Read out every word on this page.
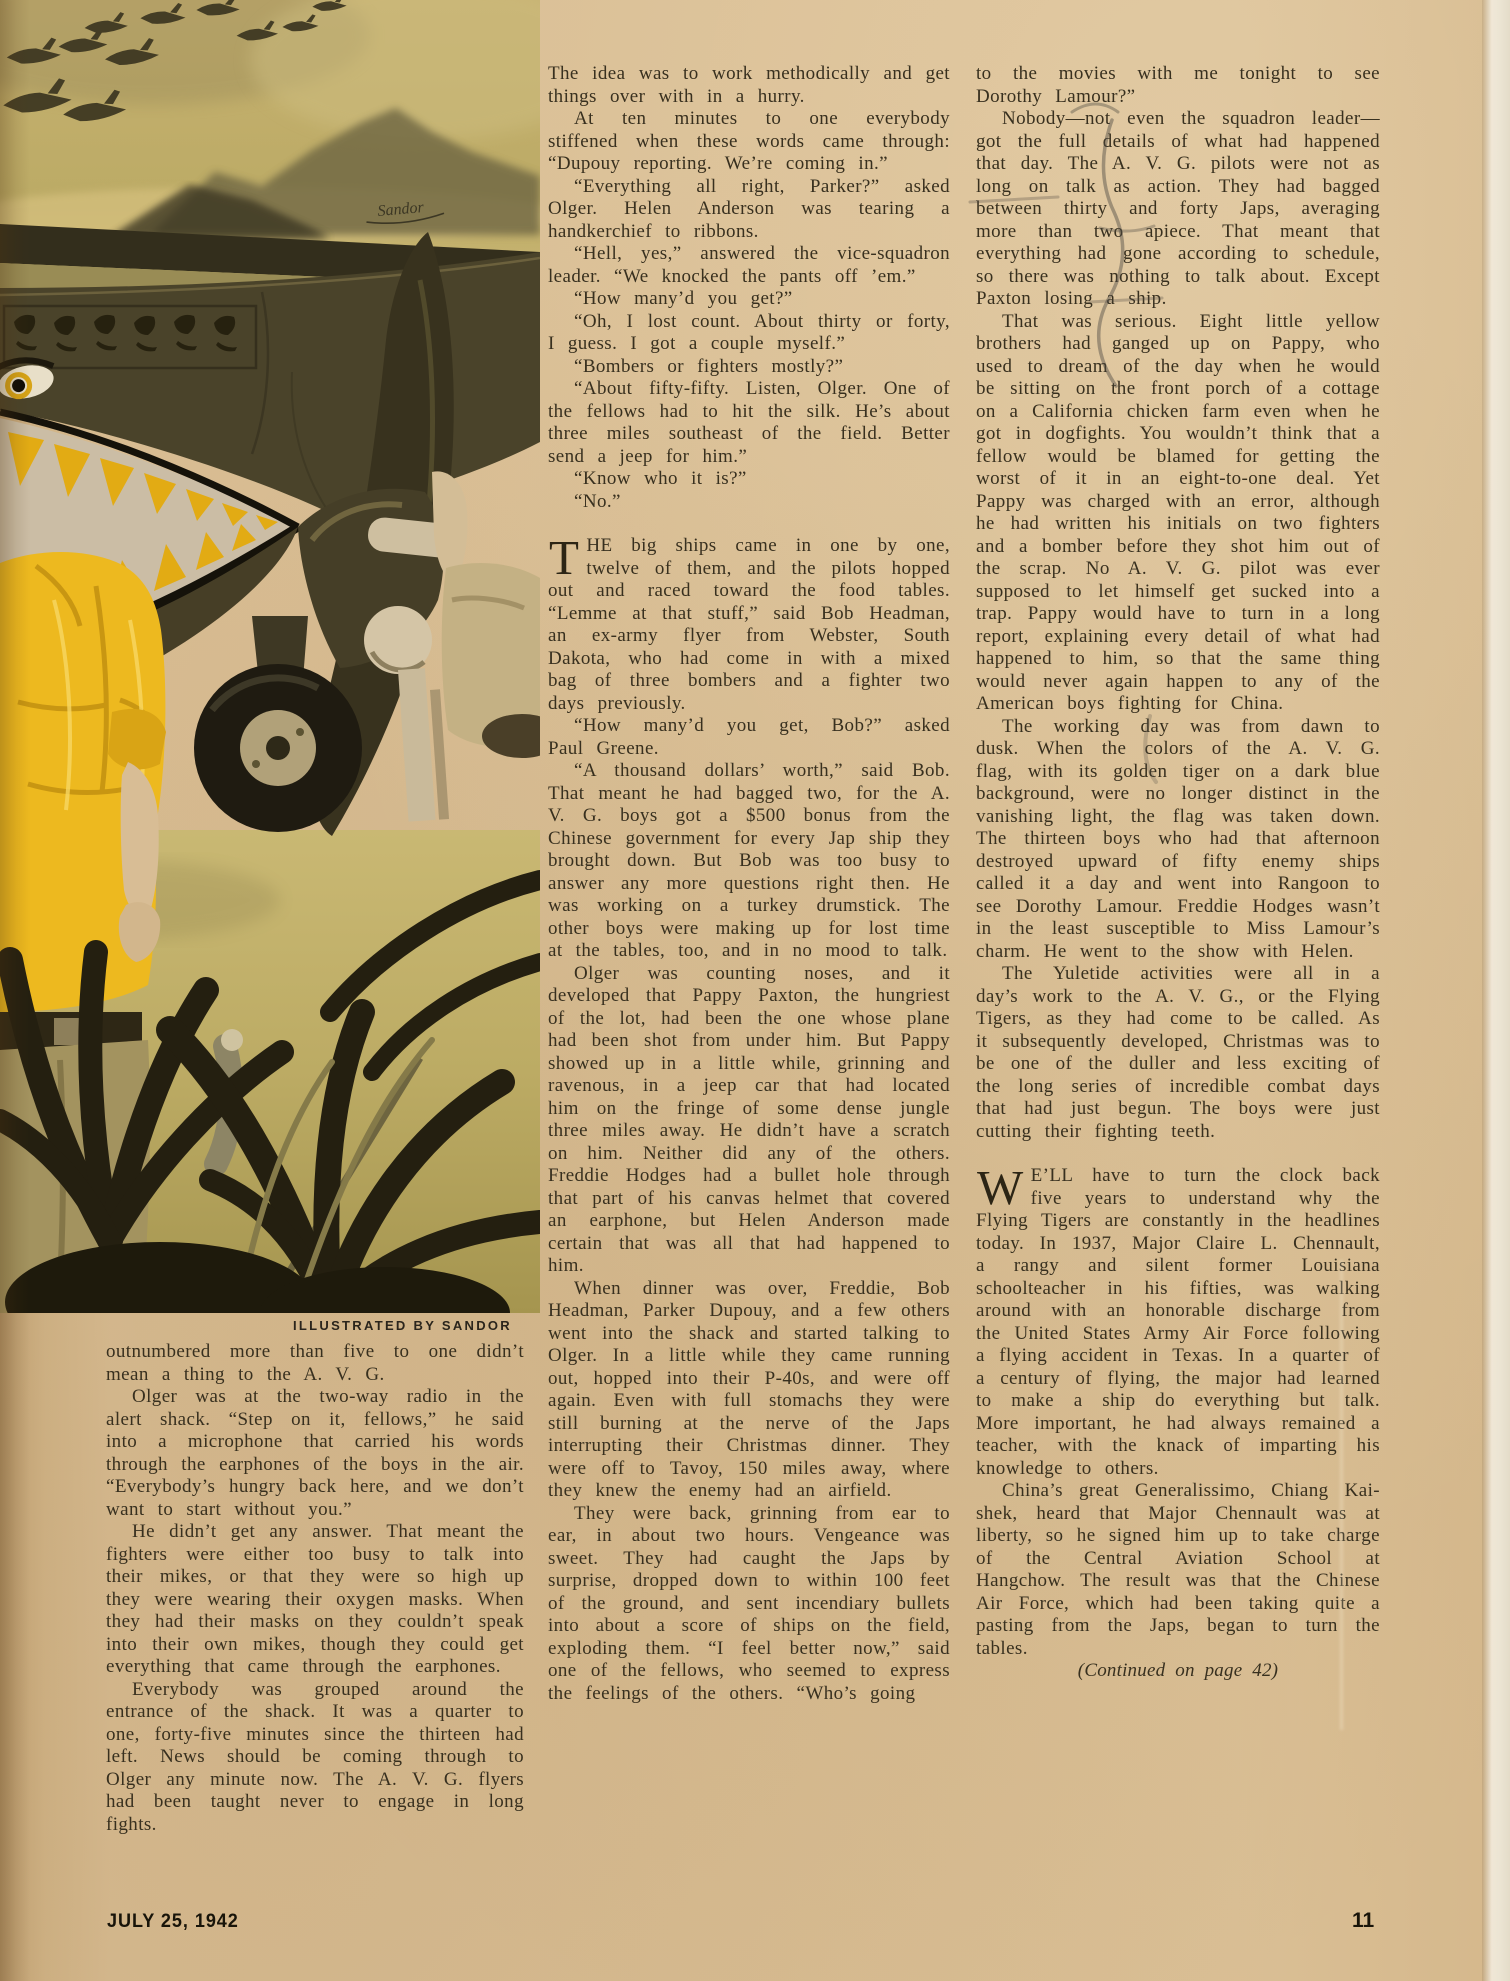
Sandor
ILLUSTRATED BY SANDOR

outnumbered more than five to one didn’t mean a thing to the A. V. G.

Olger was at the two-way radio in the alert shack. “Step on it, fellows,” he said into a microphone that carried his words through the earphones of the boys in the air. “Everybody’s hungry back here, and we don’t want to start without you.”

He didn’t get any answer. That meant the fighters were either too busy to talk into their mikes, or that they were so high up they were wearing their oxygen masks. When they had their masks on they couldn’t speak into their own mikes, though they could get everything that came through the earphones.

Everybody was grouped around the entrance of the shack. It was a quarter to one, forty-five minutes since the thirteen had left. News should be coming through to Olger any minute now. The A. V. G. flyers had been taught never to engage in long fights.

The idea was to work methodically and get things over with in a hurry.

At ten minutes to one everybody stiffened when these words came through: “Dupouy reporting. We’re coming in.”

“Everything all right, Parker?” asked Olger. Helen Anderson was tearing a handkerchief to ribbons.

“Hell, yes,” answered the vice-squadron leader. “We knocked the pants off ’em.”

“How many’d you get?”

“Oh, I lost count. About thirty or forty, I guess. I got a couple myself.”

“Bombers or fighters mostly?”

“About fifty-fifty. Listen, Olger. One of the fellows had to hit the silk. He’s about three miles southeast of the field. Better send a jeep for him.”

“Know who it is?”

“No.”

THE big ships came in one by one, twelve of them, and the pilots hopped out and raced toward the food tables. “Lemme at that stuff,” said Bob Headman, an ex-army flyer from Webster, South Dakota, who had come in with a mixed bag of three bombers and a fighter two days previously.

“How many’d you get, Bob?” asked Paul Greene.

“A thousand dollars’ worth,” said Bob. That meant he had bagged two, for the A. V. G. boys got a $500 bonus from the Chinese government for every Jap ship they brought down. But Bob was too busy to answer any more questions right then. He was working on a turkey drumstick. The other boys were making up for lost time at the tables, too, and in no mood to talk.

Olger was counting noses, and it developed that Pappy Paxton, the hungriest of the lot, had been the one whose plane had been shot from under him. But Pappy showed up in a little while, grinning and ravenous, in a jeep car that had located him on the fringe of some dense jungle three miles away. He didn’t have a scratch on him. Neither did any of the others. Freddie Hodges had a bullet hole through that part of his canvas helmet that covered an earphone, but Helen Anderson made certain that was all that had happened to him.

When dinner was over, Freddie, Bob Headman, Parker Dupouy, and a few others went into the shack and started talking to Olger. In a little while they came running out, hopped into their P-40s, and were off again. Even with full stomachs they were still burning at the nerve of the Japs interrupting their Christmas dinner. They were off to Tavoy, 150 miles away, where they knew the enemy had an airfield.

They were back, grinning from ear to ear, in about two hours. Vengeance was sweet. They had caught the Japs by surprise, dropped down to within 100 feet of the ground, and sent incendiary bullets into about a score of ships on the field, exploding them. “I feel better now,” said one of the fellows, who seemed to express the feelings of the others. “Who’s going

to the movies with me tonight to see Dorothy Lamour?”

Nobody—not even the squadron leader—got the full details of what had happened that day. The A. V. G. pilots were not as long on talk as action. They had bagged between thirty and forty Japs, averaging more than two apiece. That meant that everything had gone according to schedule, so there was nothing to talk about. Except Paxton losing a ship.

That was serious. Eight little yellow brothers had ganged up on Pappy, who used to dream of the day when he would be sitting on the front porch of a cottage on a California chicken farm even when he got in dogfights. You wouldn’t think that a fellow would be blamed for getting the worst of it in an eight-to-one deal. Yet Pappy was charged with an error, although he had written his initials on two fighters and a bomber before they shot him out of the scrap. No A. V. G. pilot was ever supposed to let himself get sucked into a trap. Pappy would have to turn in a long report, explaining every detail of what had happened to him, so that the same thing would never again happen to any of the American boys fighting for China.

The working day was from dawn to dusk. When the colors of the A. V. G. flag, with its golden tiger on a dark blue background, were no longer distinct in the vanishing light, the flag was taken down. The thirteen boys who had that afternoon destroyed upward of fifty enemy ships called it a day and went into Rangoon to see Dorothy Lamour. Freddie Hodges wasn’t in the least susceptible to Miss Lamour’s charm. He went to the show with Helen.

The Yuletide activities were all in a day’s work to the A. V. G., or the Flying Tigers, as they had come to be called. As it subsequently developed, Christmas was to be one of the duller and less exciting of the long series of incredible combat days that had just begun. The boys were just cutting their fighting teeth.

W E’LL have to turn the clock back five years to understand why the Flying Tigers are constantly in the headlines today. In 1937, Major Claire L. Chennault, a rangy and silent former Louisiana schoolteacher in his fifties, was walking around with an honorable discharge from the United States Army Air Force following a flying accident in Texas. In a quarter of a century of flying, the major had learned to make a ship do everything but talk. More important, he had always remained a teacher, with the knack of imparting his knowledge to others.

China’s great Generalissimo, Chiang Kai-shek, heard that Major Chennault was at liberty, so he signed him up to take charge of the Central Aviation School at Hangchow. The result was that the Chinese Air Force, which had been taking quite a pasting from the Japs, began to turn the tables.

(Continued on page 42)

JULY 25, 1942	11
